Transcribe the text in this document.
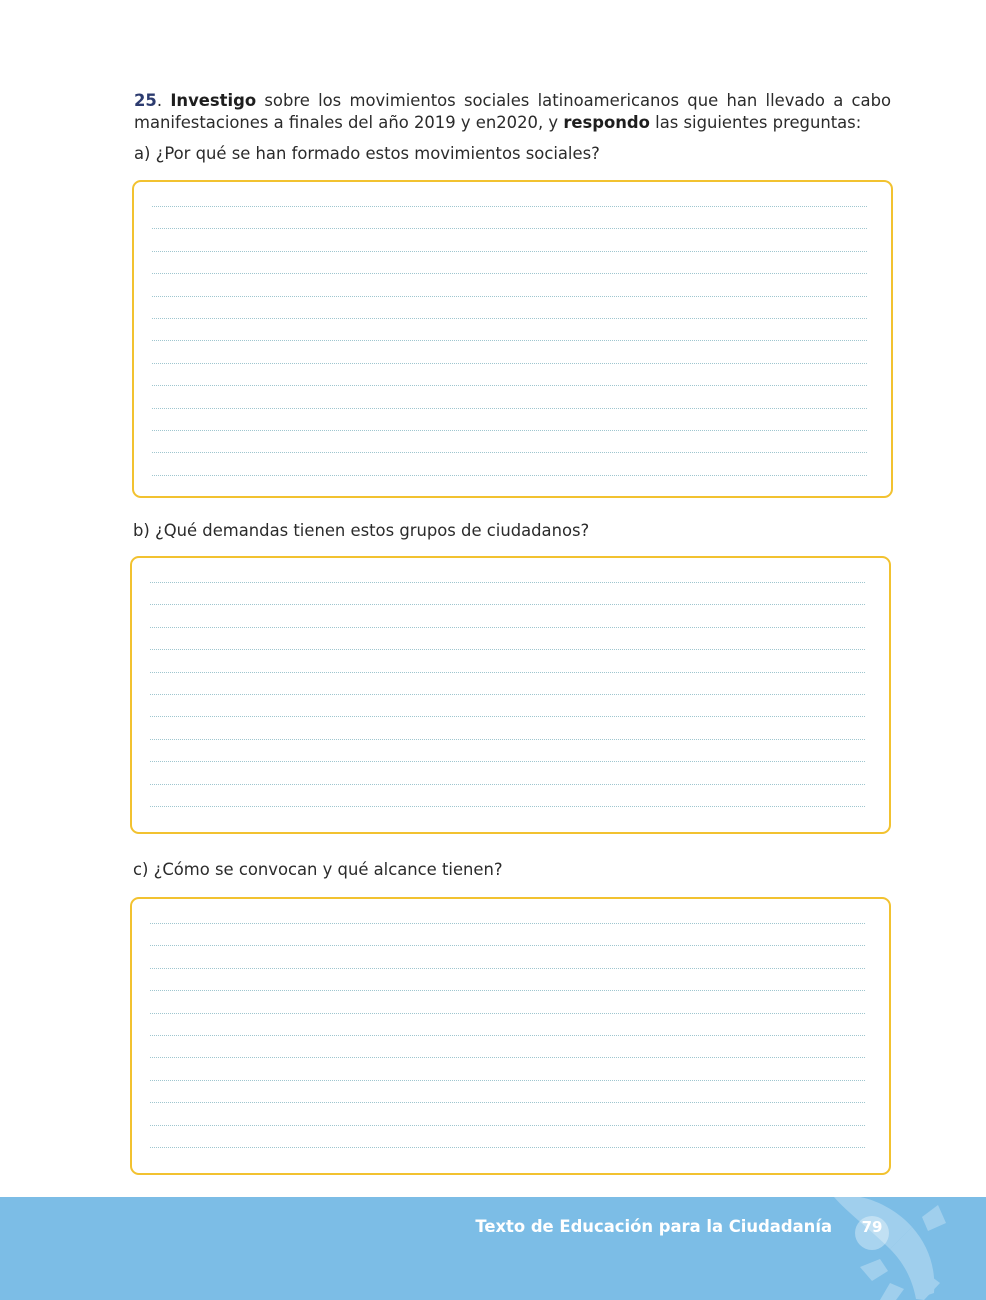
25. Investigo sobre los movimientos sociales latinoamericanos que han llevado a cabo manifestaciones a finales del año 2019 y en2020, y respondo las siguientes preguntas:
a) ¿Por qué se han formado estos movimientos sociales?
b) ¿Qué demandas tienen estos grupos de ciudadanos?
c) ¿Cómo se convocan y qué alcance tienen?
Texto de Educación para la Ciudadanía	79
